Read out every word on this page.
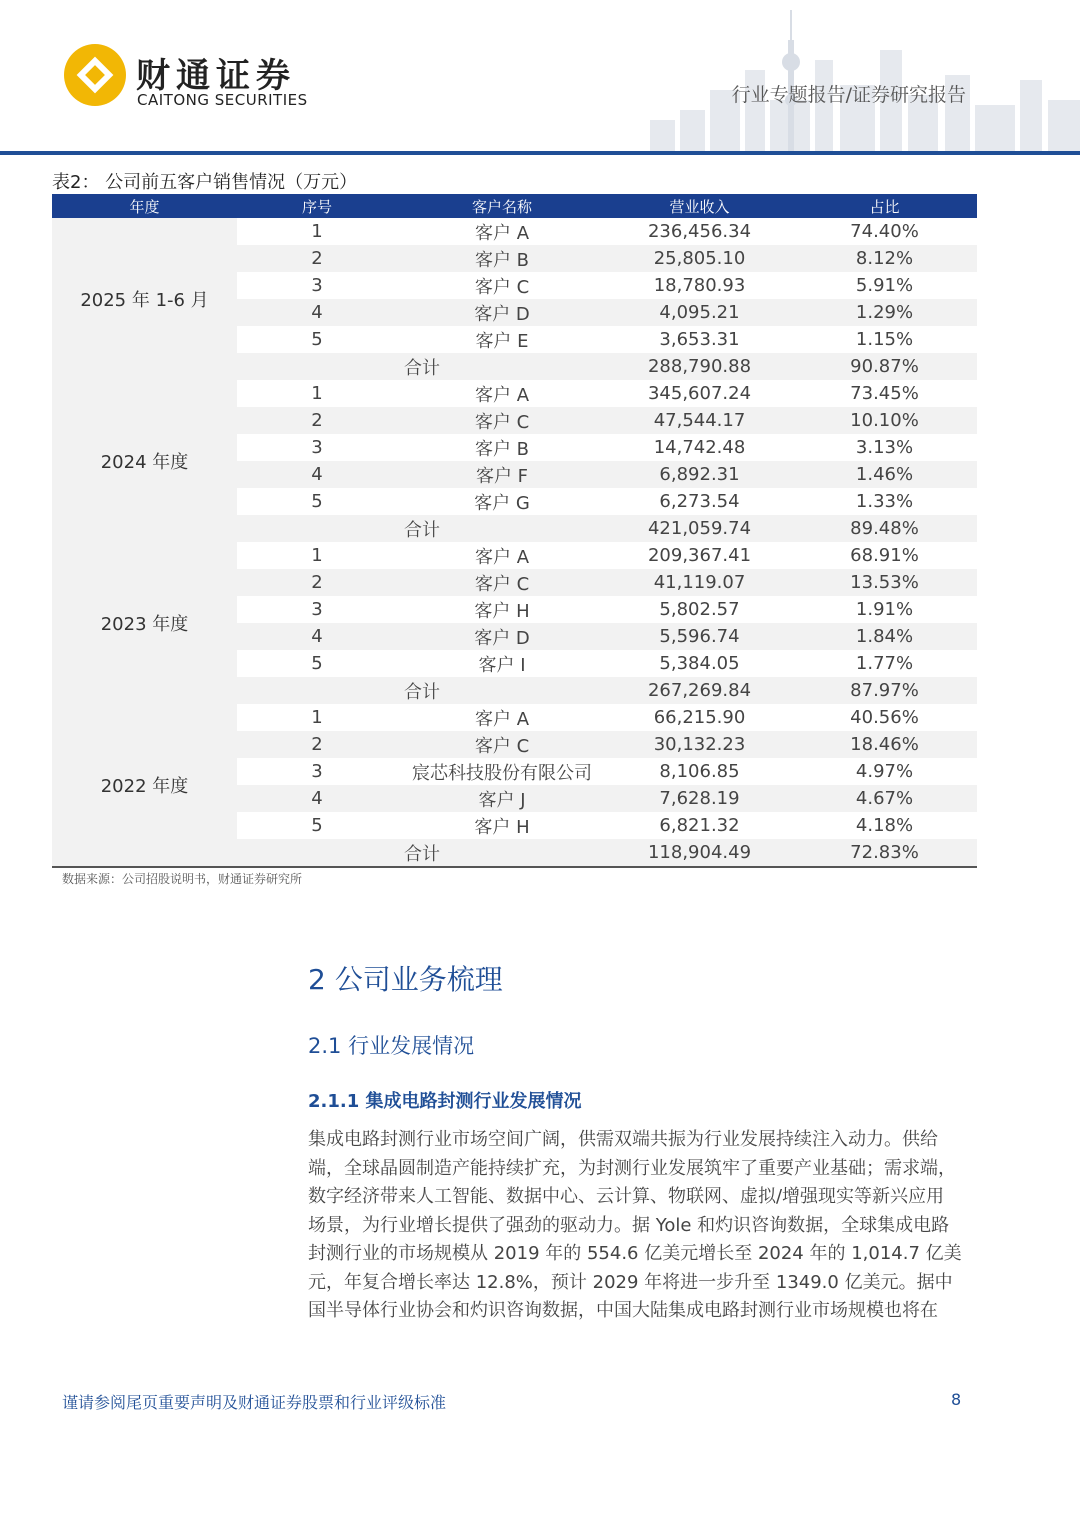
财通证券
CAITONG SECURITIES	行业专题报告/证券研究报告
表2： 公司前五客户销售情况（万元）
年度	序号	客户名称	营业收入	占比
2025 年 1-6 月
1	客户 A	236,456.34	74.40%
2	客户 B	25,805.10	8.12%
3	客户 C	18,780.93	5.91%
4	客户 D	4,095.21	1.29%
5	客户 E	3,653.31	1.15%
合计	288,790.88	90.87%
2024 年度
1	客户 A	345,607.24	73.45%
2	客户 C	47,544.17	10.10%
3	客户 B	14,742.48	3.13%
4	客户 F	6,892.31	1.46%
5	客户 G	6,273.54	1.33%
合计	421,059.74	89.48%
2023 年度
1	客户 A	209,367.41	68.91%
2	客户 C	41,119.07	13.53%
3	客户 H	5,802.57	1.91%
4	客户 D	5,596.74	1.84%
5	客户 I	5,384.05	1.77%
合计	267,269.84	87.97%
2022 年度
1	客户 A	66,215.90	40.56%
2	客户 C	30,132.23	18.46%
3	宸芯科技股份有限公司	8,106.85	4.97%
4	客户 J	7,628.19	4.67%
5	客户 H	6,821.32	4.18%
合计	118,904.49	72.83%
数据来源：公司招股说明书，财通证券研究所
2 公司业务梳理
2.1 行业发展情况
2.1.1 集成电路封测行业发展情况
集成电路封测行业市场空间广阔，供需双端共振为行业发展持续注入动力。供给
端，全球晶圆制造产能持续扩充，为封测行业发展筑牢了重要产业基础；需求端，
数字经济带来人工智能、数据中心、云计算、物联网、虚拟/增强现实等新兴应用
场景，为行业增长提供了强劲的驱动力。据 Yole 和灼识咨询数据，全球集成电路
封测行业的市场规模从 2019 年的 554.6 亿美元增长至 2024 年的 1,014.7 亿美
元，年复合增长率达 12.8%，预计 2029 年将进一步升至 1349.0 亿美元。据中
国半导体行业协会和灼识咨询数据，中国大陆集成电路封测行业市场规模也将在
谨请参阅尾页重要声明及财通证券股票和行业评级标准	8
